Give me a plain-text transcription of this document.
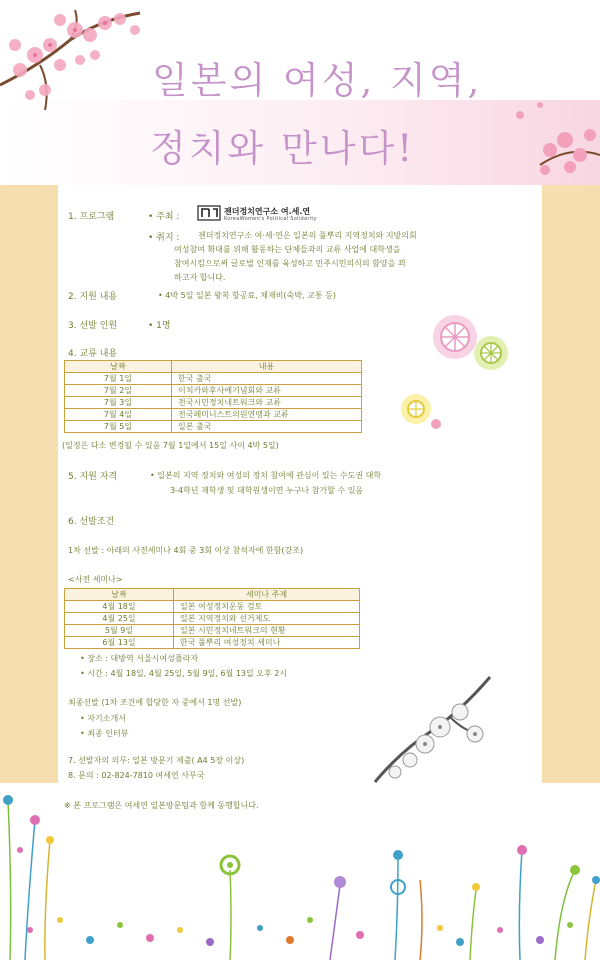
일본의 여성, 지역,
정치와 만나다!
1. 프로그램	• 주최 :
젠더정치연구소 여.세.연
KoreaWomen's Political Solidarity
• 취지 : 젠더정치연구소 여·세·연은 일본의 풀뿌리 지역정치와 지방의회
여성참여 확대를 위해 활동하는 단체들과의 교류 사업에 대학생을
참여시킴으로써 글로벌 인재를 육성하고 민주시민의식의 함양을 꾀
하고자 합니다.
2. 지원 내용	• 4박 5일 일본 왕복 항공료, 체재비(숙박, 교통 등)
3. 선발 인원	• 1명
4. 교류 내용
날짜	내용
7월 1일	한국 출국
7월 2일	이치카와후사에기념회와 교류
7월 3일	전국시민정치네트워크와 교류
7월 4일	전국페미니스트의원연맹과 교류
7월 5일	일본 출국
(일정은 다소 변경될 수 있음 7월 1일에서 15일 사이 4박 5일)
5. 지원 자격	• 일본의 지역 정치와 여성의 정치 참여에 관심이 있는 수도권 대학
3-4학년 재학생 및 대학원생이면 누구나 참가할 수 있음
6. 선발조건
1차 선발 : 아래의 사전세미나 4회 중 3회 이상 참석자에 한함(강조)
<사전 세미나>
날짜	세미나 주제
4월 18일	일본 여성정치운동 검토
4월 25일	일본 지역정치와 선거제도
5월 9일	일본 시민정치네트워크의 현황
6월 13일	한국 풀뿌리 여성정치 세미나
• 장소 : 대방역 서울시여성플라자
• 시간 : 4월 18일, 4월 25일, 5월 9일, 6월 13일 오후 2시
최종선발 (1차 조건에 합당한 자 중에서 1명 선발)
• 자기소개서
• 최종 인터뷰
7. 선발자의 의무: 일본 방문기 제출( A4 5장 이상)
8. 문의 : 02-824-7810 여세연 사무국
※ 본 프로그램은 여세연 일본방문팀과 함께 동행합니다.
